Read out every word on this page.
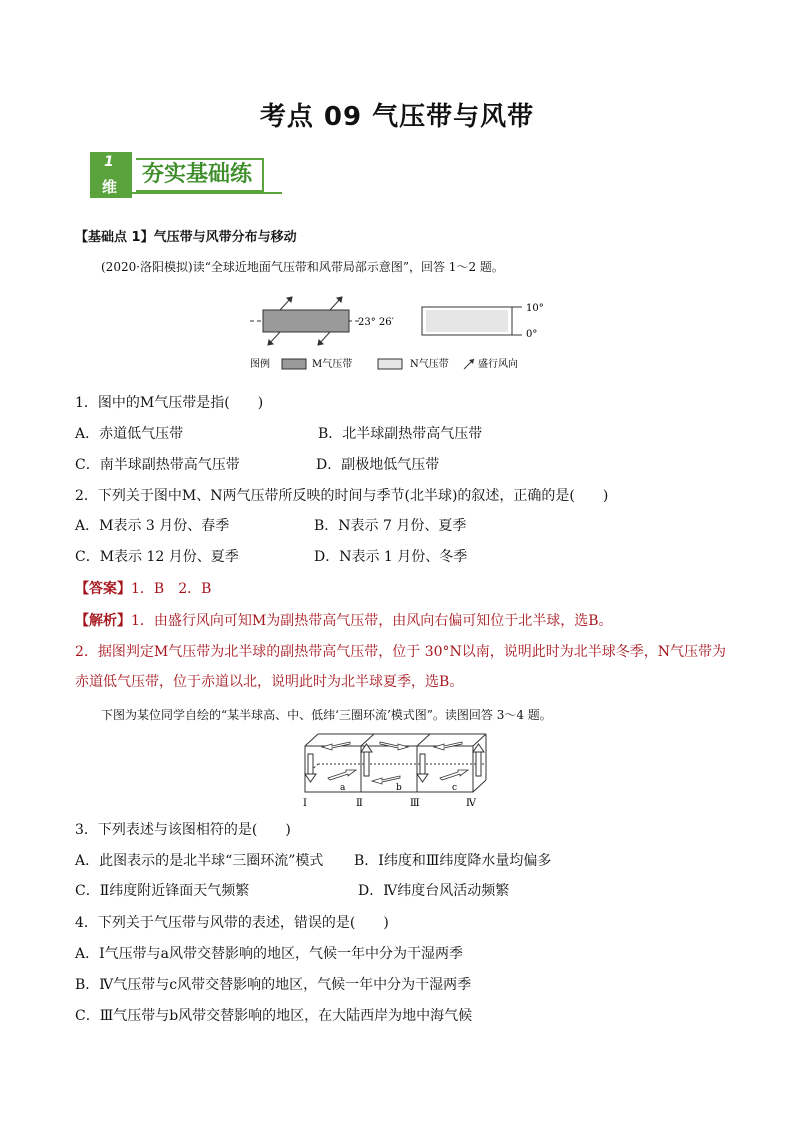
考点 09 气压带与风带
1
维 夯实基础练
【基础点 1】气压带与风带分布与移动
(2020·洛阳模拟)读“全球近地面气压带和风带局部示意图”，回答 1～2 题。
23° 26′
10°
0°
图例	M气压带	N气压带	盛行风向
1．图中的M气压带是指(　　)
A．赤道低气压带	B．北半球副热带高气压带
C．南半球副热带高气压带	D．副极地低气压带
2．下列关于图中M、N两气压带所反映的时间与季节(北半球)的叙述，正确的是(　　)
A．M表示 3 月份、春季	B．N表示 7 月份、夏季
C．M表示 12 月份、夏季	D．N表示 1 月份、冬季
【答案】1．B　2．B
【解析】1．由盛行风向可知M为副热带高气压带，由风向右偏可知位于北半球，选B。
2．据图判定M气压带为北半球的副热带高气压带，位于 30°N以南，说明此时为北半球冬季，N气压带为
赤道低气压带，位于赤道以北，说明此时为北半球夏季，选B。
下图为某位同学自绘的“某半球高、中、低纬‘三圈环流’模式图”。读图回答 3～4 题。
a	b	c
Ⅰ	Ⅱ	Ⅲ	Ⅳ
3．下列表述与该图相符的是(　　)
A．此图表示的是北半球“三圈环流”模式 B．Ⅰ纬度和Ⅲ纬度降水量均偏多
C．Ⅱ纬度附近锋面天气频繁	D．Ⅳ纬度台风活动频繁
4．下列关于气压带与风带的表述，错误的是(　　)
A．Ⅰ气压带与a风带交替影响的地区，气候一年中分为干湿两季
B．Ⅳ气压带与c风带交替影响的地区，气候一年中分为干湿两季
C．Ⅲ气压带与b风带交替影响的地区，在大陆西岸为地中海气候
